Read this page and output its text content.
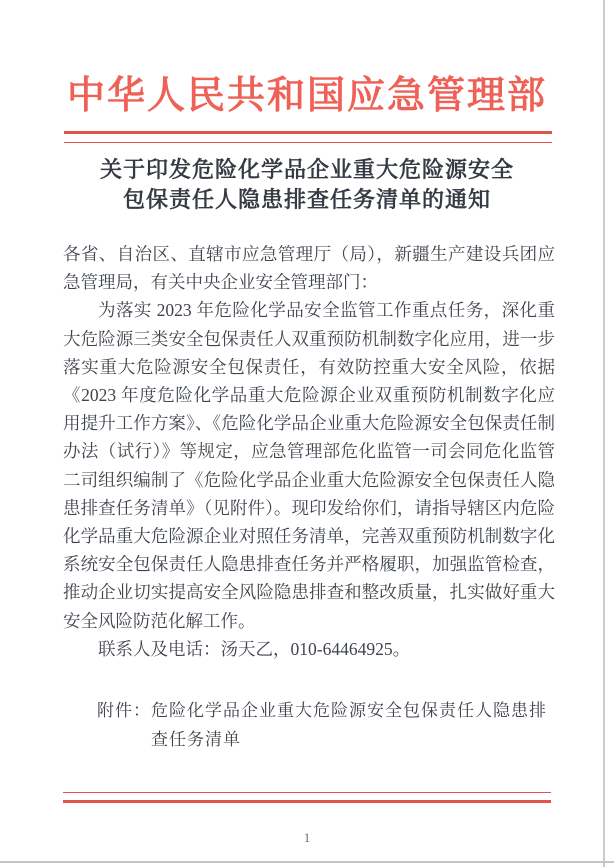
中华人民共和国应急管理部
关于印发危险化学品企业重大危险源安全
包保责任人隐患排查任务清单的通知

各省、自治区、直辖市应急管理厅（局），新疆生产建设兵团应急管理局，有关中央企业安全管理部门：

为落实 2023 年危险化学品安全监管工作重点任务，深化重大危险源三类安全包保责任人双重预防机制数字化应用，进一步落实重大危险源安全包保责任，有效防控重大安全风险，依据《2023 年度危险化学品重大危险源企业双重预防机制数字化应用提升工作方案》、《危险化学品企业重大危险源安全包保责任制办法（试行）》等规定，应急管理部危化监管一司会同危化监管二司组织编制了《危险化学品企业重大危险源安全包保责任人隐患排查任务清单》（见附件）。现印发给你们，请指导辖区内危险化学品重大危险源企业对照任务清单，完善双重预防机制数字化系统安全包保责任人隐患排查任务并严格履职，加强监管检查，推动企业切实提高安全风险隐患排查和整改质量，扎实做好重大安全风险防范化解工作。

联系人及电话：汤天乙，010-64464925。

附件： 危险化学品企业重大危险源安全包保责任人隐患排查任务清单
1
